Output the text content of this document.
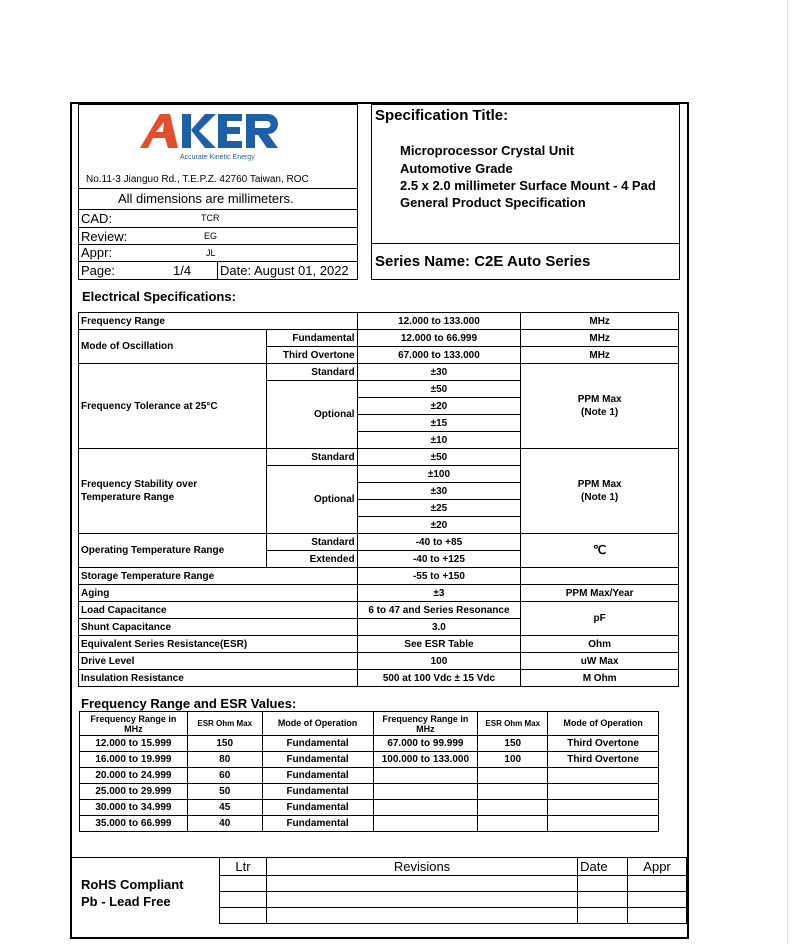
Accurate Kinetic Energy
No.11-3 Jianguo Rd., T.E.P.Z. 42760 Taiwan, ROC
All dimensions are millimeters.
CAD:	TCR
Review:	EG
Appr:	JL
Page:	1/4 Date: August 01, 2022
Specification Title:
Microprocessor Crystal Unit
Automotive Grade
2.5 x 2.0 millimeter Surface Mount - 4 Pad
General Product Specification
Series Name: C2E Auto Series
Electrical Specifications:
Frequency Range		12.000 to 133.000	MHz
Mode of Oscillation	Fundamental	12.000 to 66.999	MHz
	Third Overtone	67.000 to 133.000	MHz
Frequency Tolerance at 25°C	Standard	±30	PPM Max
(Note 1)
	Optional	±50	
		±20	
		±15	
		±10	
Frequency Stability over
Temperature Range	Standard	±50	PPM Max
(Note 1)
	Optional	±100	
		±30	
		±25	
		±20	
Operating Temperature Range	Standard	-40 to +85	℃
	Extended	-40 to +125	
Storage Temperature Range		-55 to +150	
Aging		±3	PPM Max/Year
Load Capacitance		6 to 47 and Series Resonance	pF
Shunt Capacitance		3.0	
Equivalent Series Resistance(ESR)		See ESR Table	Ohm
Drive Level		100	uW Max
Insulation Resistance		500 at 100 Vdc ± 15 Vdc	M Ohm
Frequency Range and ESR Values:
Frequency Range in MHz	ESR Ohm Max	Mode of Operation	Frequency Range in MHz	ESR Ohm Max	Mode of Operation
12.000 to 15.999	150	Fundamental	67.000 to 99.999	150	Third Overtone
16.000 to 19.999	80	Fundamental	100.000 to 133.000	100	Third Overtone
20.000 to 24.999	60	Fundamental			
25.000 to 29.999	50	Fundamental			
30.000 to 34.999	45	Fundamental			
35.000 to 66.999	40	Fundamental			
RoHS Compliant
Pb - Lead Free
Ltr	Revisions	Date	Appr
